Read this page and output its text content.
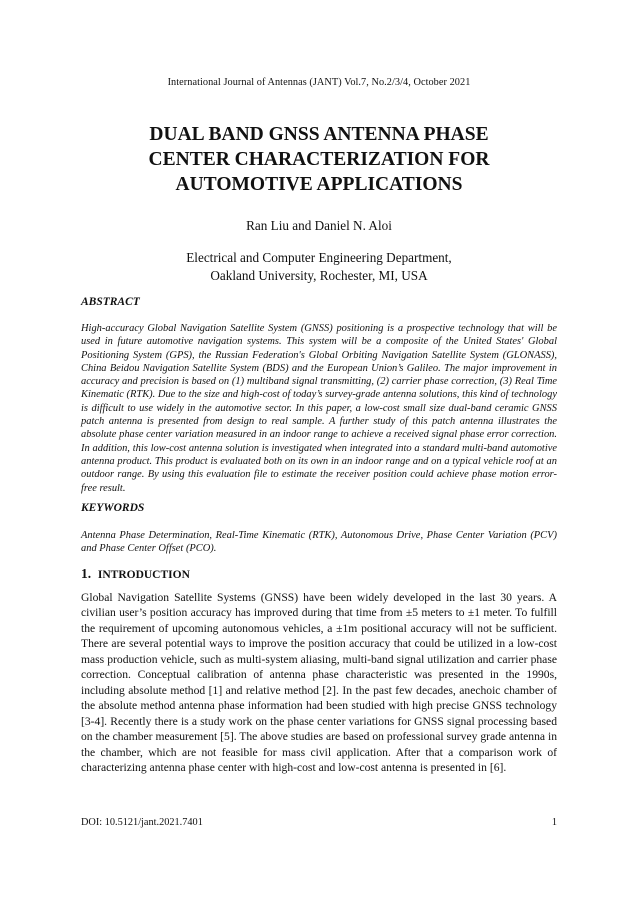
International Journal of Antennas (JANT) Vol.7, No.2/3/4, October 2021
DUAL BAND GNSS ANTENNA PHASE
CENTER CHARACTERIZATION FOR
AUTOMOTIVE APPLICATIONS
Ran Liu and Daniel N. Aloi
Electrical and Computer Engineering Department,
Oakland University, Rochester, MI, USA
ABSTRACT
High-accuracy Global Navigation Satellite System (GNSS) positioning is a prospective technology that will be used in future automotive navigation systems. This system will be a composite of the United States' Global Positioning System (GPS), the Russian Federation's Global Orbiting Navigation Satellite System (GLONASS), China Beidou Navigation Satellite System (BDS) and the European Union’s Galileo. The major improvement in accuracy and precision is based on (1) multiband signal transmitting, (2) carrier phase correction, (3) Real Time Kinematic (RTK). Due to the size and high-cost of today’s survey-grade antenna solutions, this kind of technology is difficult to use widely in the automotive sector. In this paper, a low-cost small size dual-band ceramic GNSS patch antenna is presented from design to real sample. A further study of this patch antenna illustrates the absolute phase center variation measured in an indoor range to achieve a received signal phase error correction. In addition, this low-cost antenna solution is investigated when integrated into a standard multi-band automotive antenna product. This product is evaluated both on its own in an indoor range and on a typical vehicle roof at an outdoor range. By using this evaluation file to estimate the receiver position could achieve phase motion error-free result.
KEYWORDS
Antenna Phase Determination, Real-Time Kinematic (RTK), Autonomous Drive, Phase Center Variation (PCV) and Phase Center Offset (PCO).
1. INTRODUCTION
Global Navigation Satellite Systems (GNSS) have been widely developed in the last 30 years. A civilian user’s position accuracy has improved during that time from ±5 meters to ±1 meter. To fulfill the requirement of upcoming autonomous vehicles, a ±1m positional accuracy will not be sufficient. There are several potential ways to improve the position accuracy that could be utilized in a low-cost mass production vehicle, such as multi-system aliasing, multi-band signal utilization and carrier phase correction. Conceptual calibration of antenna phase characteristic was presented in the 1990s, including absolute method [1] and relative method [2]. In the past few decades, anechoic chamber of the absolute method antenna phase information had been studied with high precise GNSS technology [3-4]. Recently there is a study work on the phase center variations for GNSS signal processing based on the chamber measurement [5]. The above studies are based on professional survey grade antenna in the chamber, which are not feasible for mass civil application. After that a comparison work of characterizing antenna phase center with high-cost and low-cost antenna is presented in [6].
DOI: 10.5121/jant.2021.7401	1
